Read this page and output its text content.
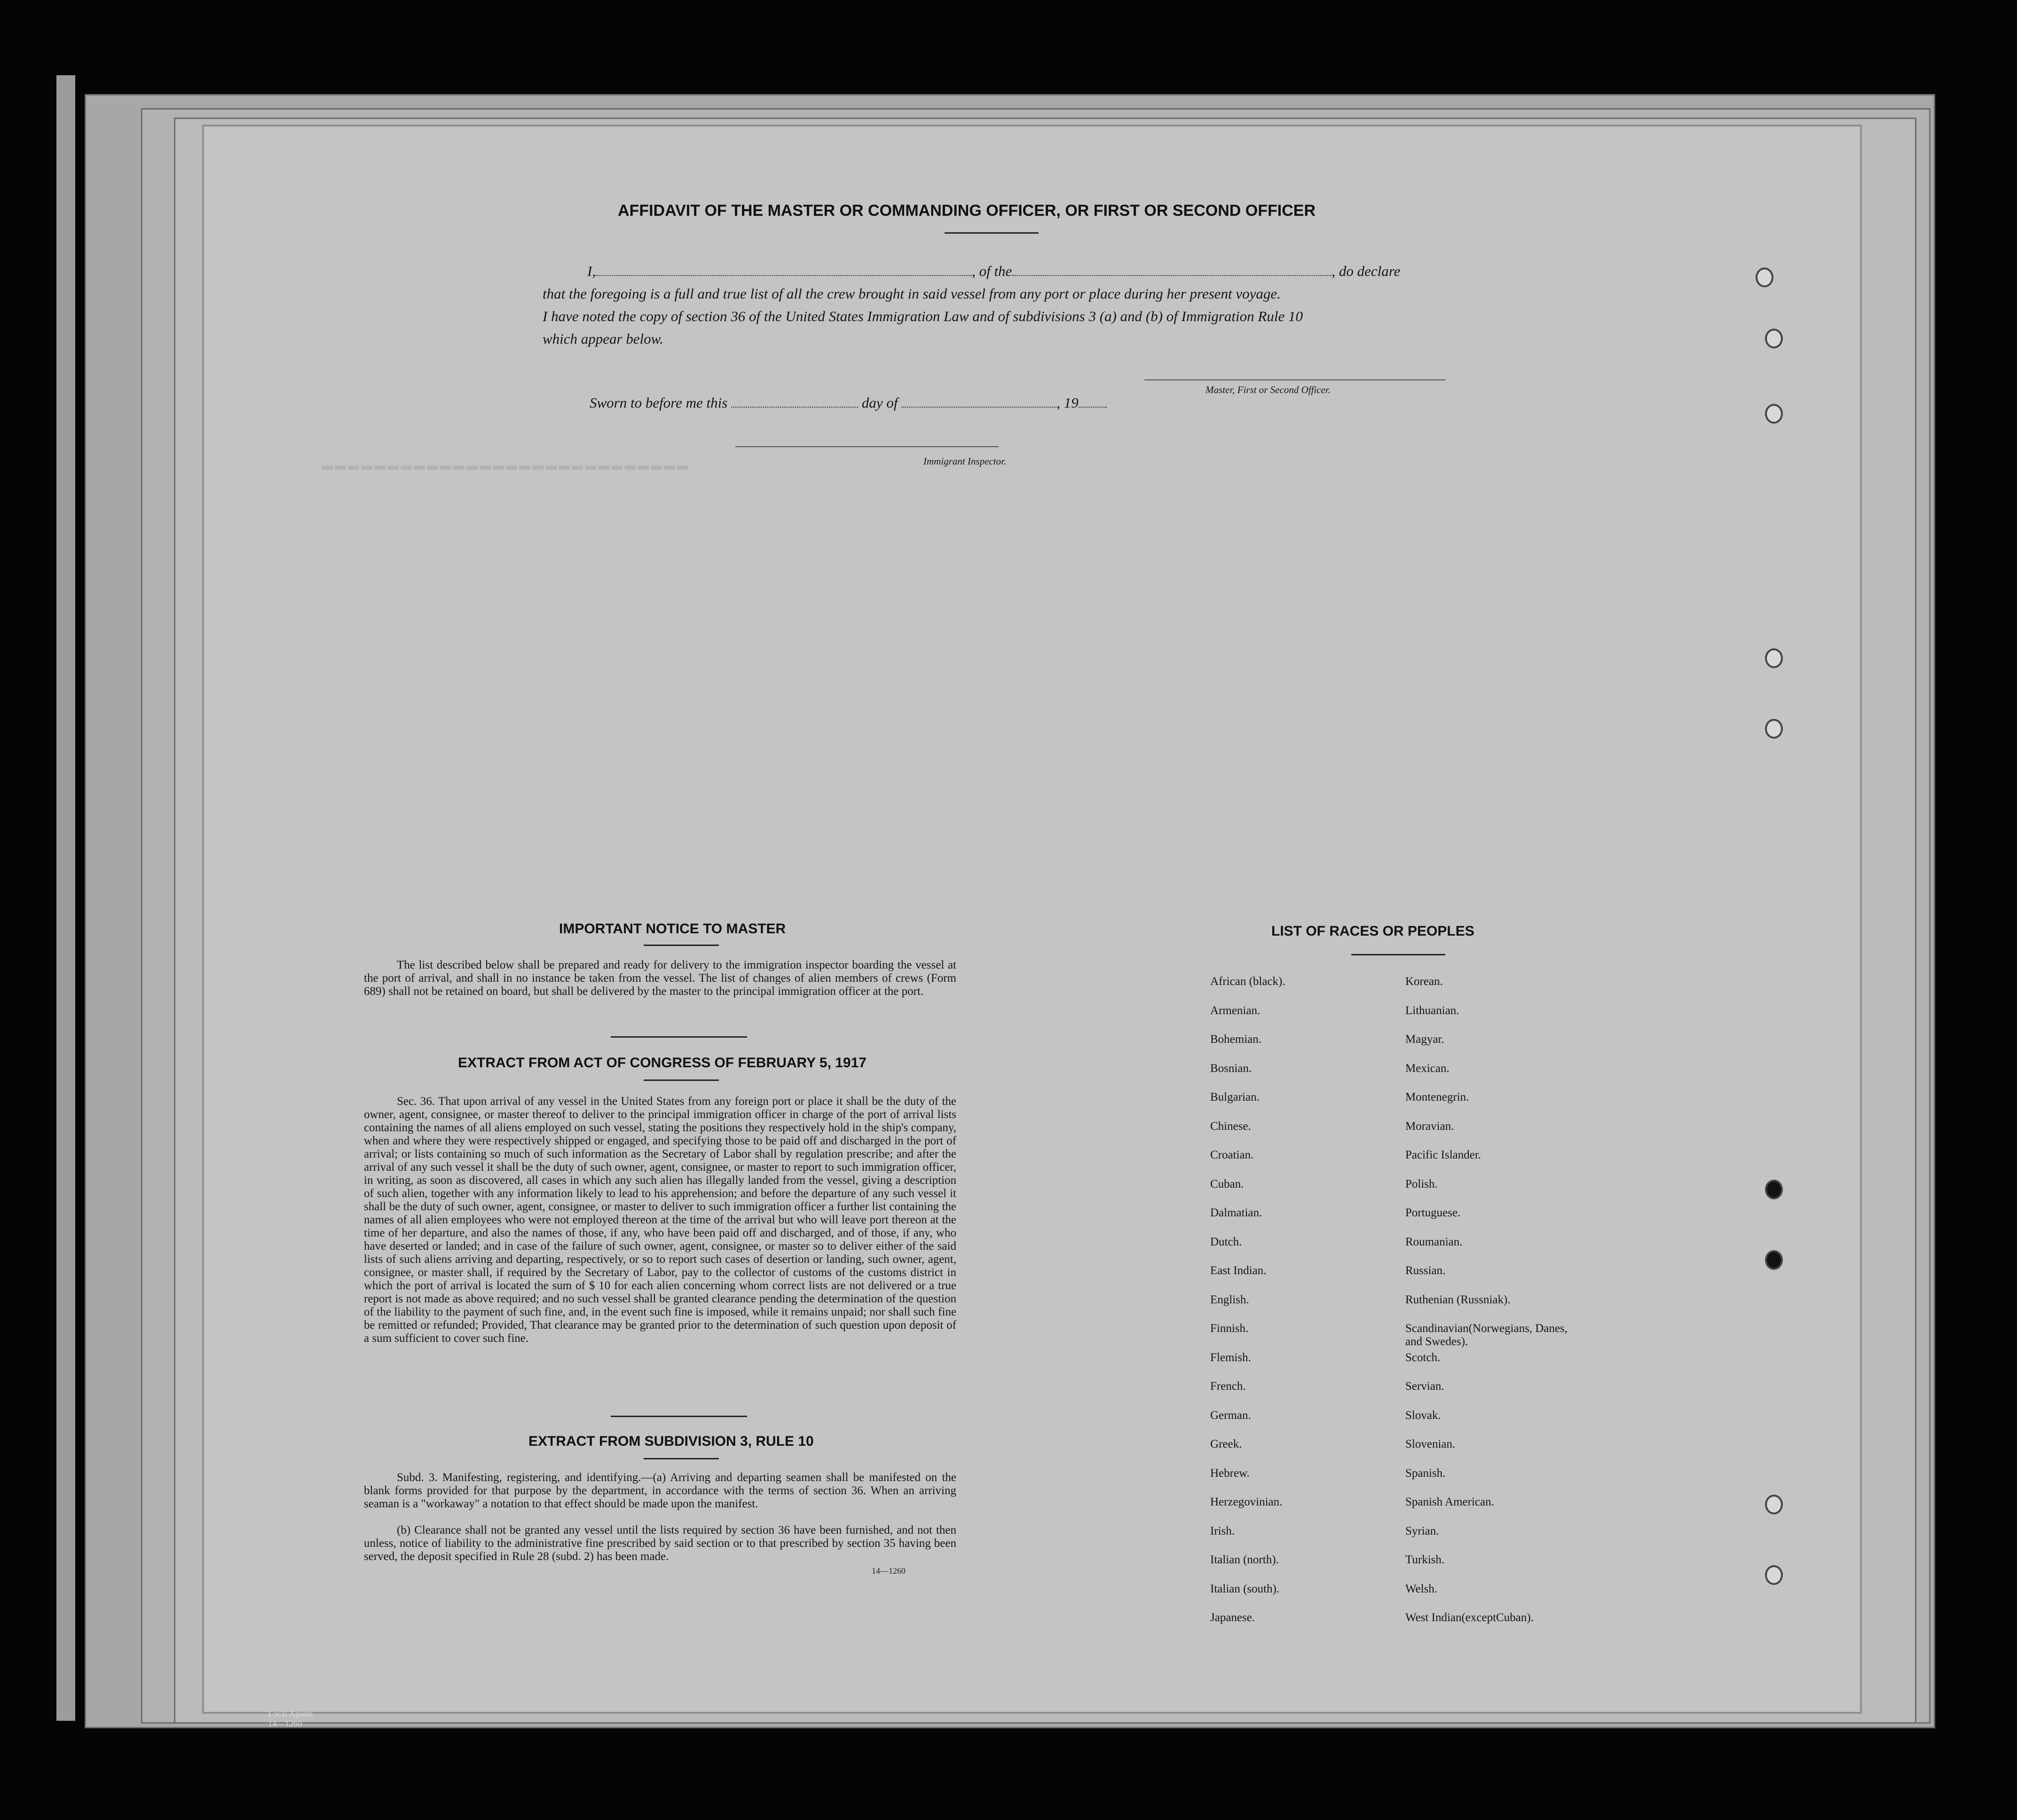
▬▬▬▬▬▬▬▬▬▬▬▬▬▬▬▬▬▬▬▬▬▬▬▬▬▬▬▬
AFFIDAVIT OF THE MASTER OR COMMANDING OFFICER, OR FIRST OR SECOND OFFICER
I,	, of the	, do declare
that the foregoing is a full and true list of all the crew brought in said vessel from any port or place during her present voyage.
I have noted the copy of section 36 of the United States Immigration Law and of subdivisions 3 (a) and (b) of Immigration Rule 10
which appear below.
Master, First or Second Officer.
Sworn to before me this	day of	, 19
Immigrant Inspector.
IMPORTANT NOTICE TO MASTER
The list described below shall be prepared and ready for delivery to the immigration inspector boarding the vessel at the port of arrival, and shall in no instance be taken from the vessel. The list of changes of alien members of crews (Form 689) shall not be retained on board, but shall be delivered by the master to the principal immigration officer at the port.
EXTRACT FROM ACT OF CONGRESS OF FEBRUARY 5, 1917
Sec. 36. That upon arrival of any vessel in the United States from any foreign port or place it shall be the duty of the owner, agent, consignee, or master thereof to deliver to the principal immigration officer in charge of the port of arrival lists containing the names of all aliens employed on such vessel, stating the positions they respectively hold in the ship's company, when and where they were respectively shipped or engaged, and specifying those to be paid off and discharged in the port of arrival; or lists containing so much of such information as the Secretary of Labor shall by regulation prescribe; and after the arrival of any such vessel it shall be the duty of such owner, agent, consignee, or master to report to such immigration officer, in writing, as soon as discovered, all cases in which any such alien has illegally landed from the vessel, giving a description of such alien, together with any information likely to lead to his apprehension; and before the departure of any such vessel it shall be the duty of such owner, agent, consignee, or master to deliver to such immigration officer a further list containing the names of all alien employees who were not employed thereon at the time of the arrival but who will leave port thereon at the time of her departure, and also the names of those, if any, who have been paid off and discharged, and of those, if any, who have deserted or landed; and in case of the failure of such owner, agent, consignee, or master so to deliver either of the said lists of such aliens arriving and departing, respectively, or so to report such cases of desertion or landing, such owner, agent, consignee, or master shall, if required by the Secretary of Labor, pay to the collector of customs of the customs district in which the port of arrival is located the sum of $ 10 for each alien concerning whom correct lists are not delivered or a true report is not made as above required; and no such vessel shall be granted clearance pending the determination of the question of the liability to the payment of such fine, and, in the event such fine is imposed, while it remains unpaid; nor shall such fine be remitted or refunded; Provided, That clearance may be granted prior to the determination of such question upon deposit of a sum sufficient to cover such fine.
EXTRACT FROM SUBDIVISION 3, RULE 10
Subd. 3. Manifesting, registering, and identifying.—(a) Arriving and departing seamen shall be manifested on the blank forms provided for that purpose by the department, in accordance with the terms of section 36. When an arriving seaman is a "workaway" a notation to that effect should be made upon the manifest.
(b) Clearance shall not be granted any vessel until the lists required by section 36 have been furnished, and not then unless, notice of liability to the administrative fine prescribed by said section or to that prescribed by section 35 having been served, the deposit specified in Rule 28 (subd. 2) has been made.
14—1260
LIST OF RACES OR PEOPLES
African (black).
Armenian.
Bohemian.
Bosnian.
Bulgarian.
Chinese.
Croatian.
Cuban.
Dalmatian.
Dutch.
East Indian.
English.
Finnish.
Flemish.
French.
German.
Greek.
Hebrew.
Herzegovinian.
Irish.
Italian (north).
Italian (south).
Japanese.
Korean.
Lithuanian.
Magyar.
Mexican.
Montenegrin.
Moravian.
Pacific Islander.
Polish.
Portuguese.
Roumanian.
Russian.
Ruthenian (Russniak).
Scandinavian(Norwegians, Danes, and Swedes).
Scotch.
Servian.
Slovak.
Slovenian.
Spanish.
Spanish American.
Syrian.
Turkish.
Welsh.
West Indian(exceptCuban).
Local Agents 14—1260
